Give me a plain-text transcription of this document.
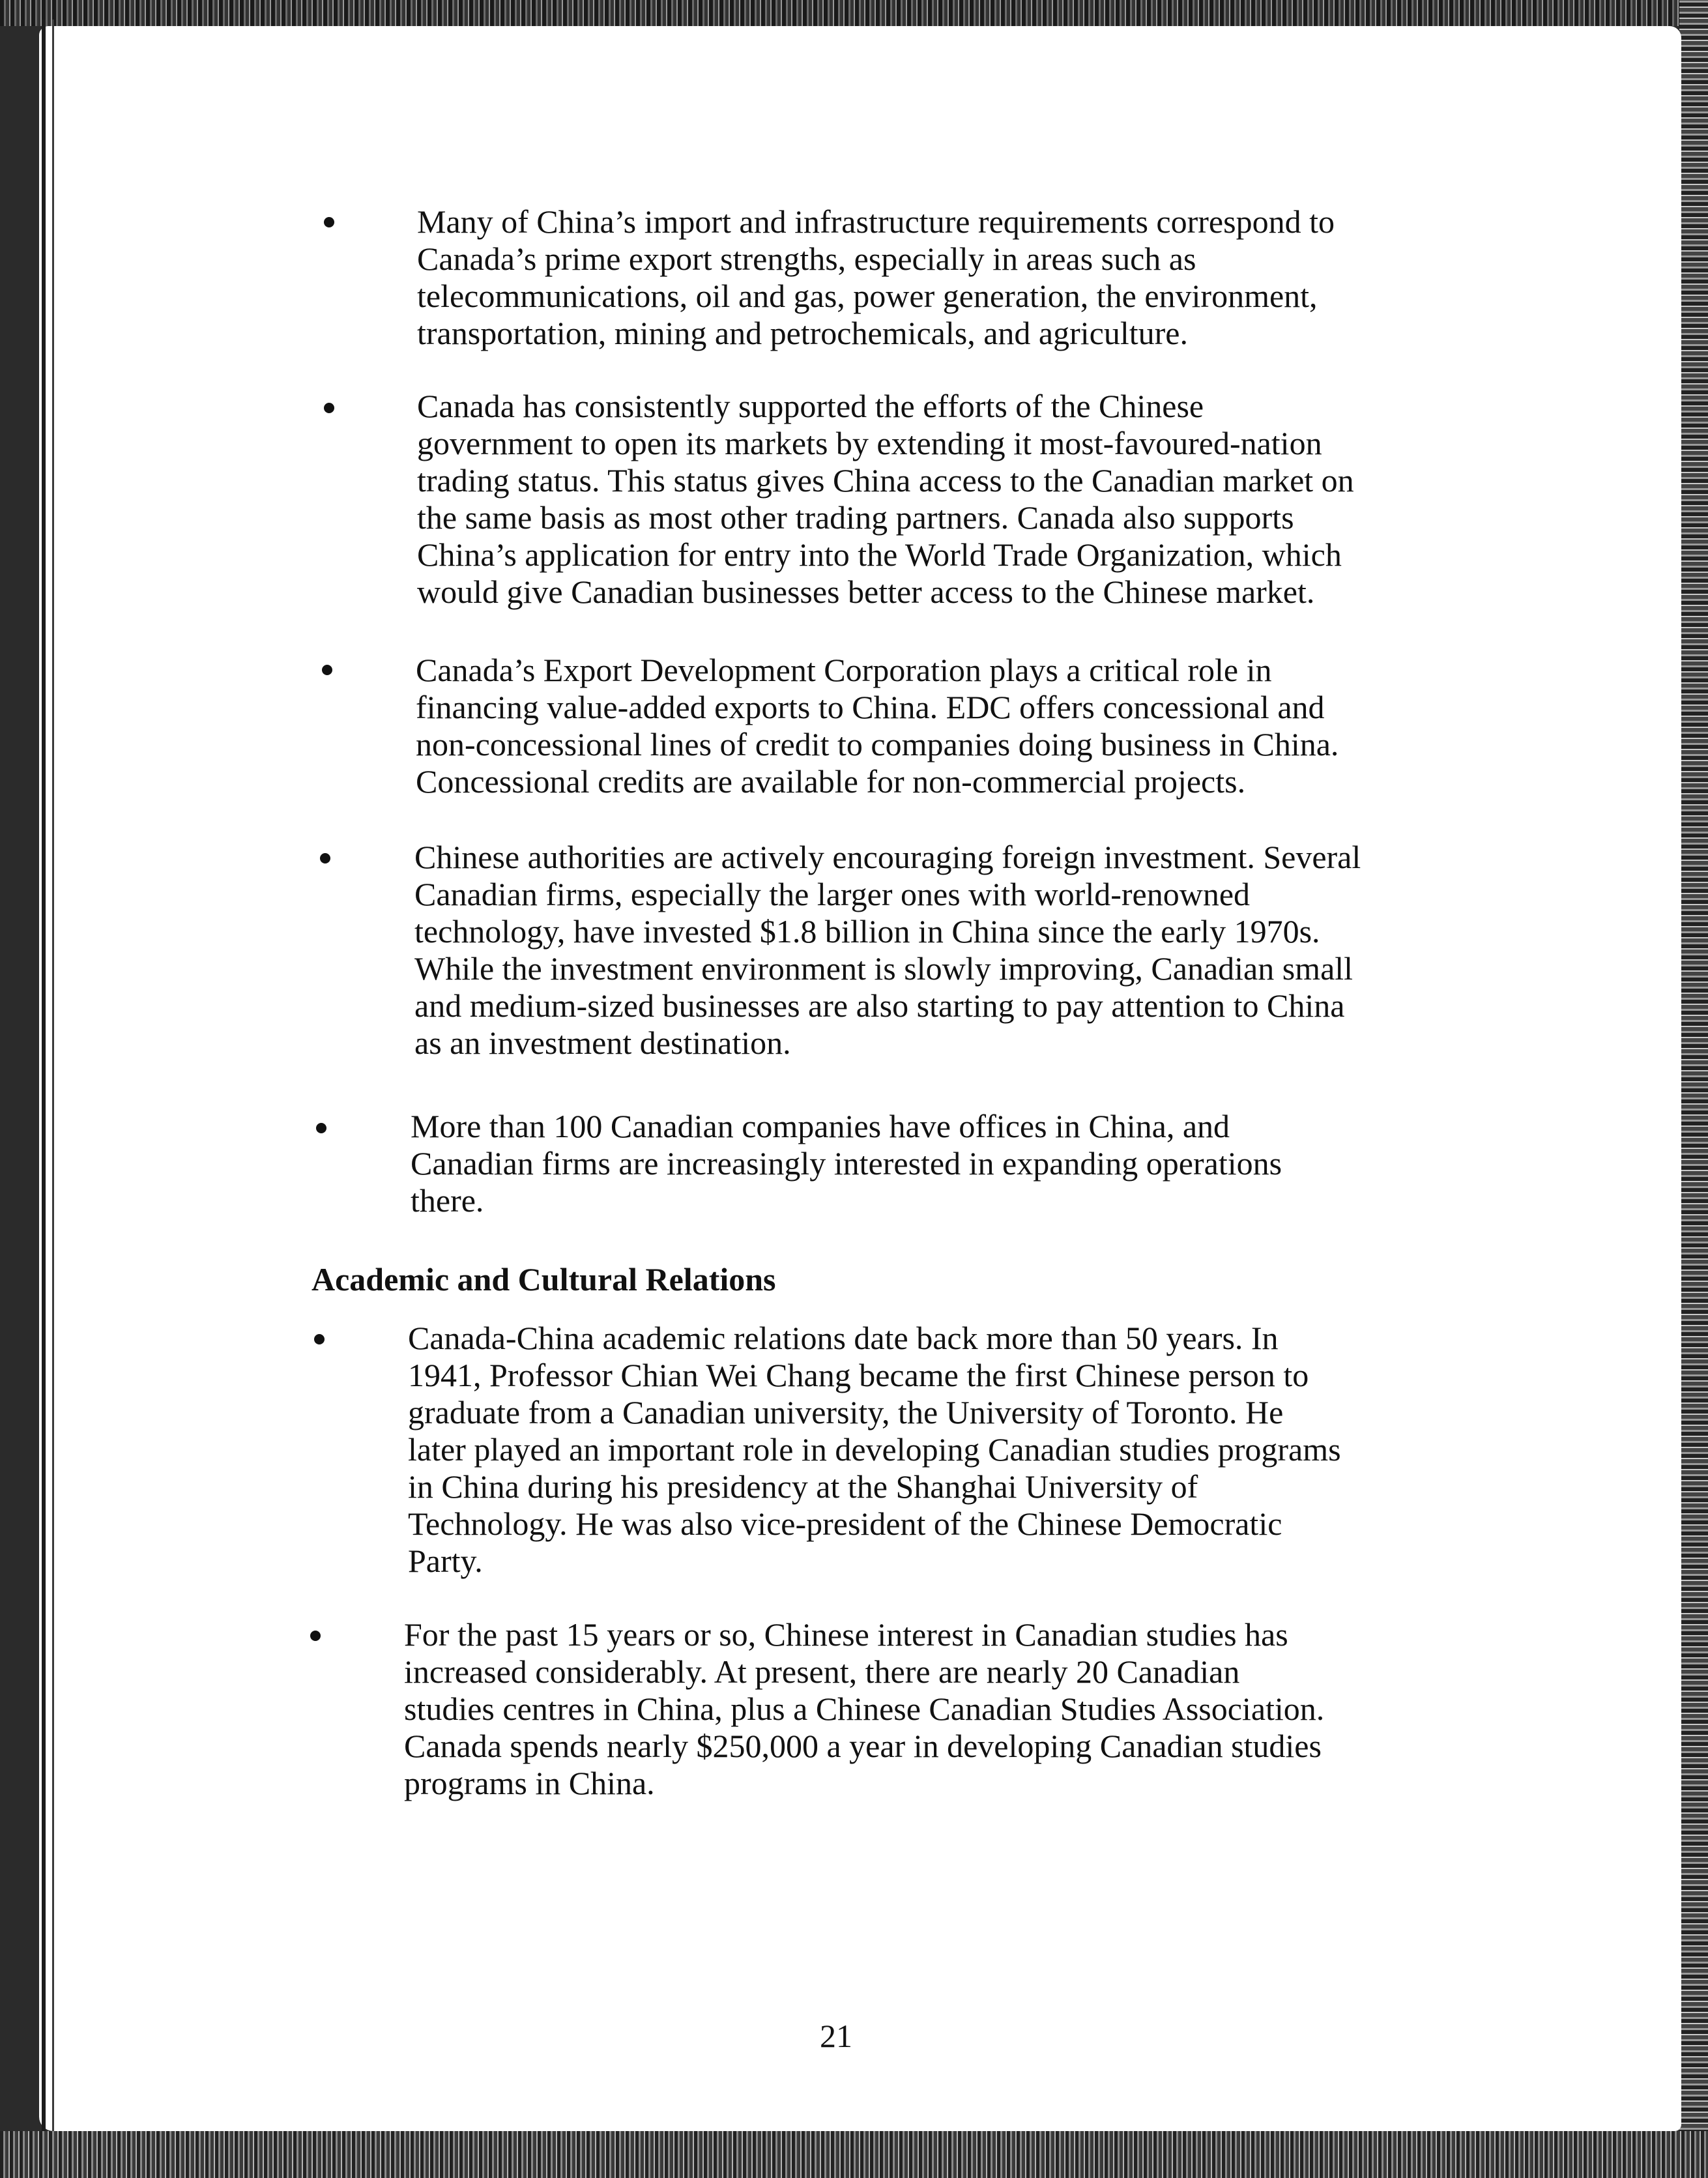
Many of China’s import and infrastructure requirements correspond to
Canada’s prime export strengths, especially in areas such as
telecommunications, oil and gas, power generation, the environment,
transportation, mining and petrochemicals, and agriculture.
Canada has consistently supported the efforts of the Chinese
government to open its markets by extending it most-favoured-nation
trading status. This status gives China access to the Canadian market on
the same basis as most other trading partners. Canada also supports
China’s application for entry into the World Trade Organization, which
would give Canadian businesses better access to the Chinese market.
Canada’s Export Development Corporation plays a critical role in
financing value-added exports to China. EDC offers concessional and
non-concessional lines of credit to companies doing business in China.
Concessional credits are available for non-commercial projects.
Chinese authorities are actively encouraging foreign investment. Several
Canadian firms, especially the larger ones with world-renowned
technology, have invested $1.8 billion in China since the early 1970s.
While the investment environment is slowly improving, Canadian small
and medium-sized businesses are also starting to pay attention to China
as an investment destination.
More than 100 Canadian companies have offices in China, and
Canadian firms are increasingly interested in expanding operations
there.
Academic and Cultural Relations
Canada-China academic relations date back more than 50 years. In
1941, Professor Chian Wei Chang became the first Chinese person to
graduate from a Canadian university, the University of Toronto. He
later played an important role in developing Canadian studies programs
in China during his presidency at the Shanghai University of
Technology. He was also vice-president of the Chinese Democratic
Party.
For the past 15 years or so, Chinese interest in Canadian studies has
increased considerably. At present, there are nearly 20 Canadian
studies centres in China, plus a Chinese Canadian Studies Association.
Canada spends nearly $250,000 a year in developing Canadian studies
programs in China.
21
